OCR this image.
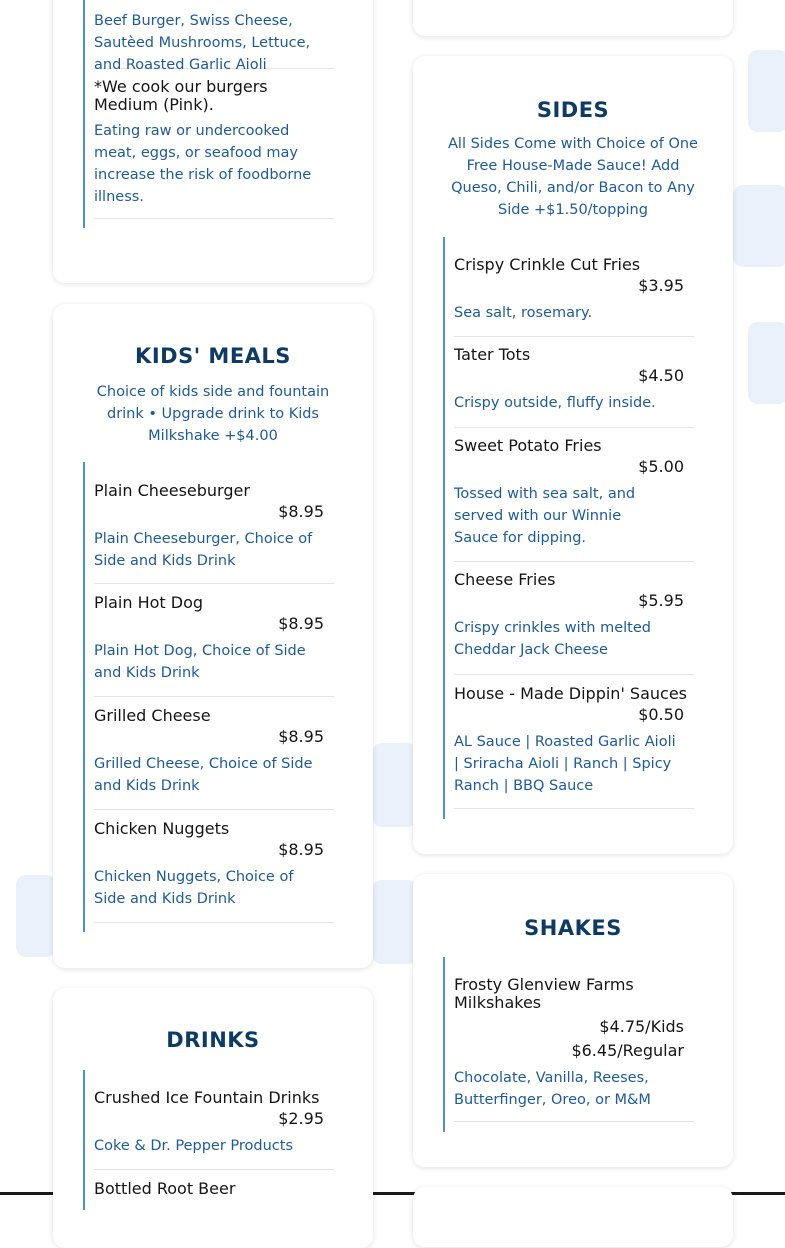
Beef Burger, Swiss Cheese, Sautèed Mushrooms, Lettuce, and Roasted Garlic Aioli
*We cook our burgers Medium (Pink).
Eating raw or undercooked meat, eggs, or seafood may increase the risk of foodborne illness.
KIDS' MEALS

Choice of kids side and fountain drink • Upgrade drink to Kids Milkshake +$4.00

Plain Cheeseburger
$8.95
Plain Cheeseburger, Choice of Side and Kids Drink
Plain Hot Dog
$8.95
Plain Hot Dog, Choice of Side and Kids Drink
Grilled Cheese
$8.95
Grilled Cheese, Choice of Side and Kids Drink
Chicken Nuggets
$8.95
Chicken Nuggets, Choice of Side and Kids Drink
DRINKS
Crushed Ice Fountain Drinks
$2.95
Coke & Dr. Pepper Products
Bottled Root Beer
SIDES

All Sides Come with Choice of One Free House-Made Sauce! Add Queso, Chili, and/or Bacon to Any Side +$1.50/topping

Crispy Crinkle Cut Fries
$3.95
Sea salt, rosemary.
Tater Tots
$4.50
Crispy outside, fluffy inside.
Sweet Potato Fries
$5.00
Tossed with sea salt, and served with our Winnie Sauce for dipping.
Cheese Fries
$5.95
Crispy crinkles with melted Cheddar Jack Cheese
House - Made Dippin' Sauces
$0.50
AL Sauce | Roasted Garlic Aioli | Sriracha Aioli | Ranch | Spicy Ranch | BBQ Sauce
SHAKES
Frosty Glenview Farms Milkshakes
$4.75/Kids
$6.45/Regular
Chocolate, Vanilla, Reeses, Butterfinger, Oreo, or M&M
